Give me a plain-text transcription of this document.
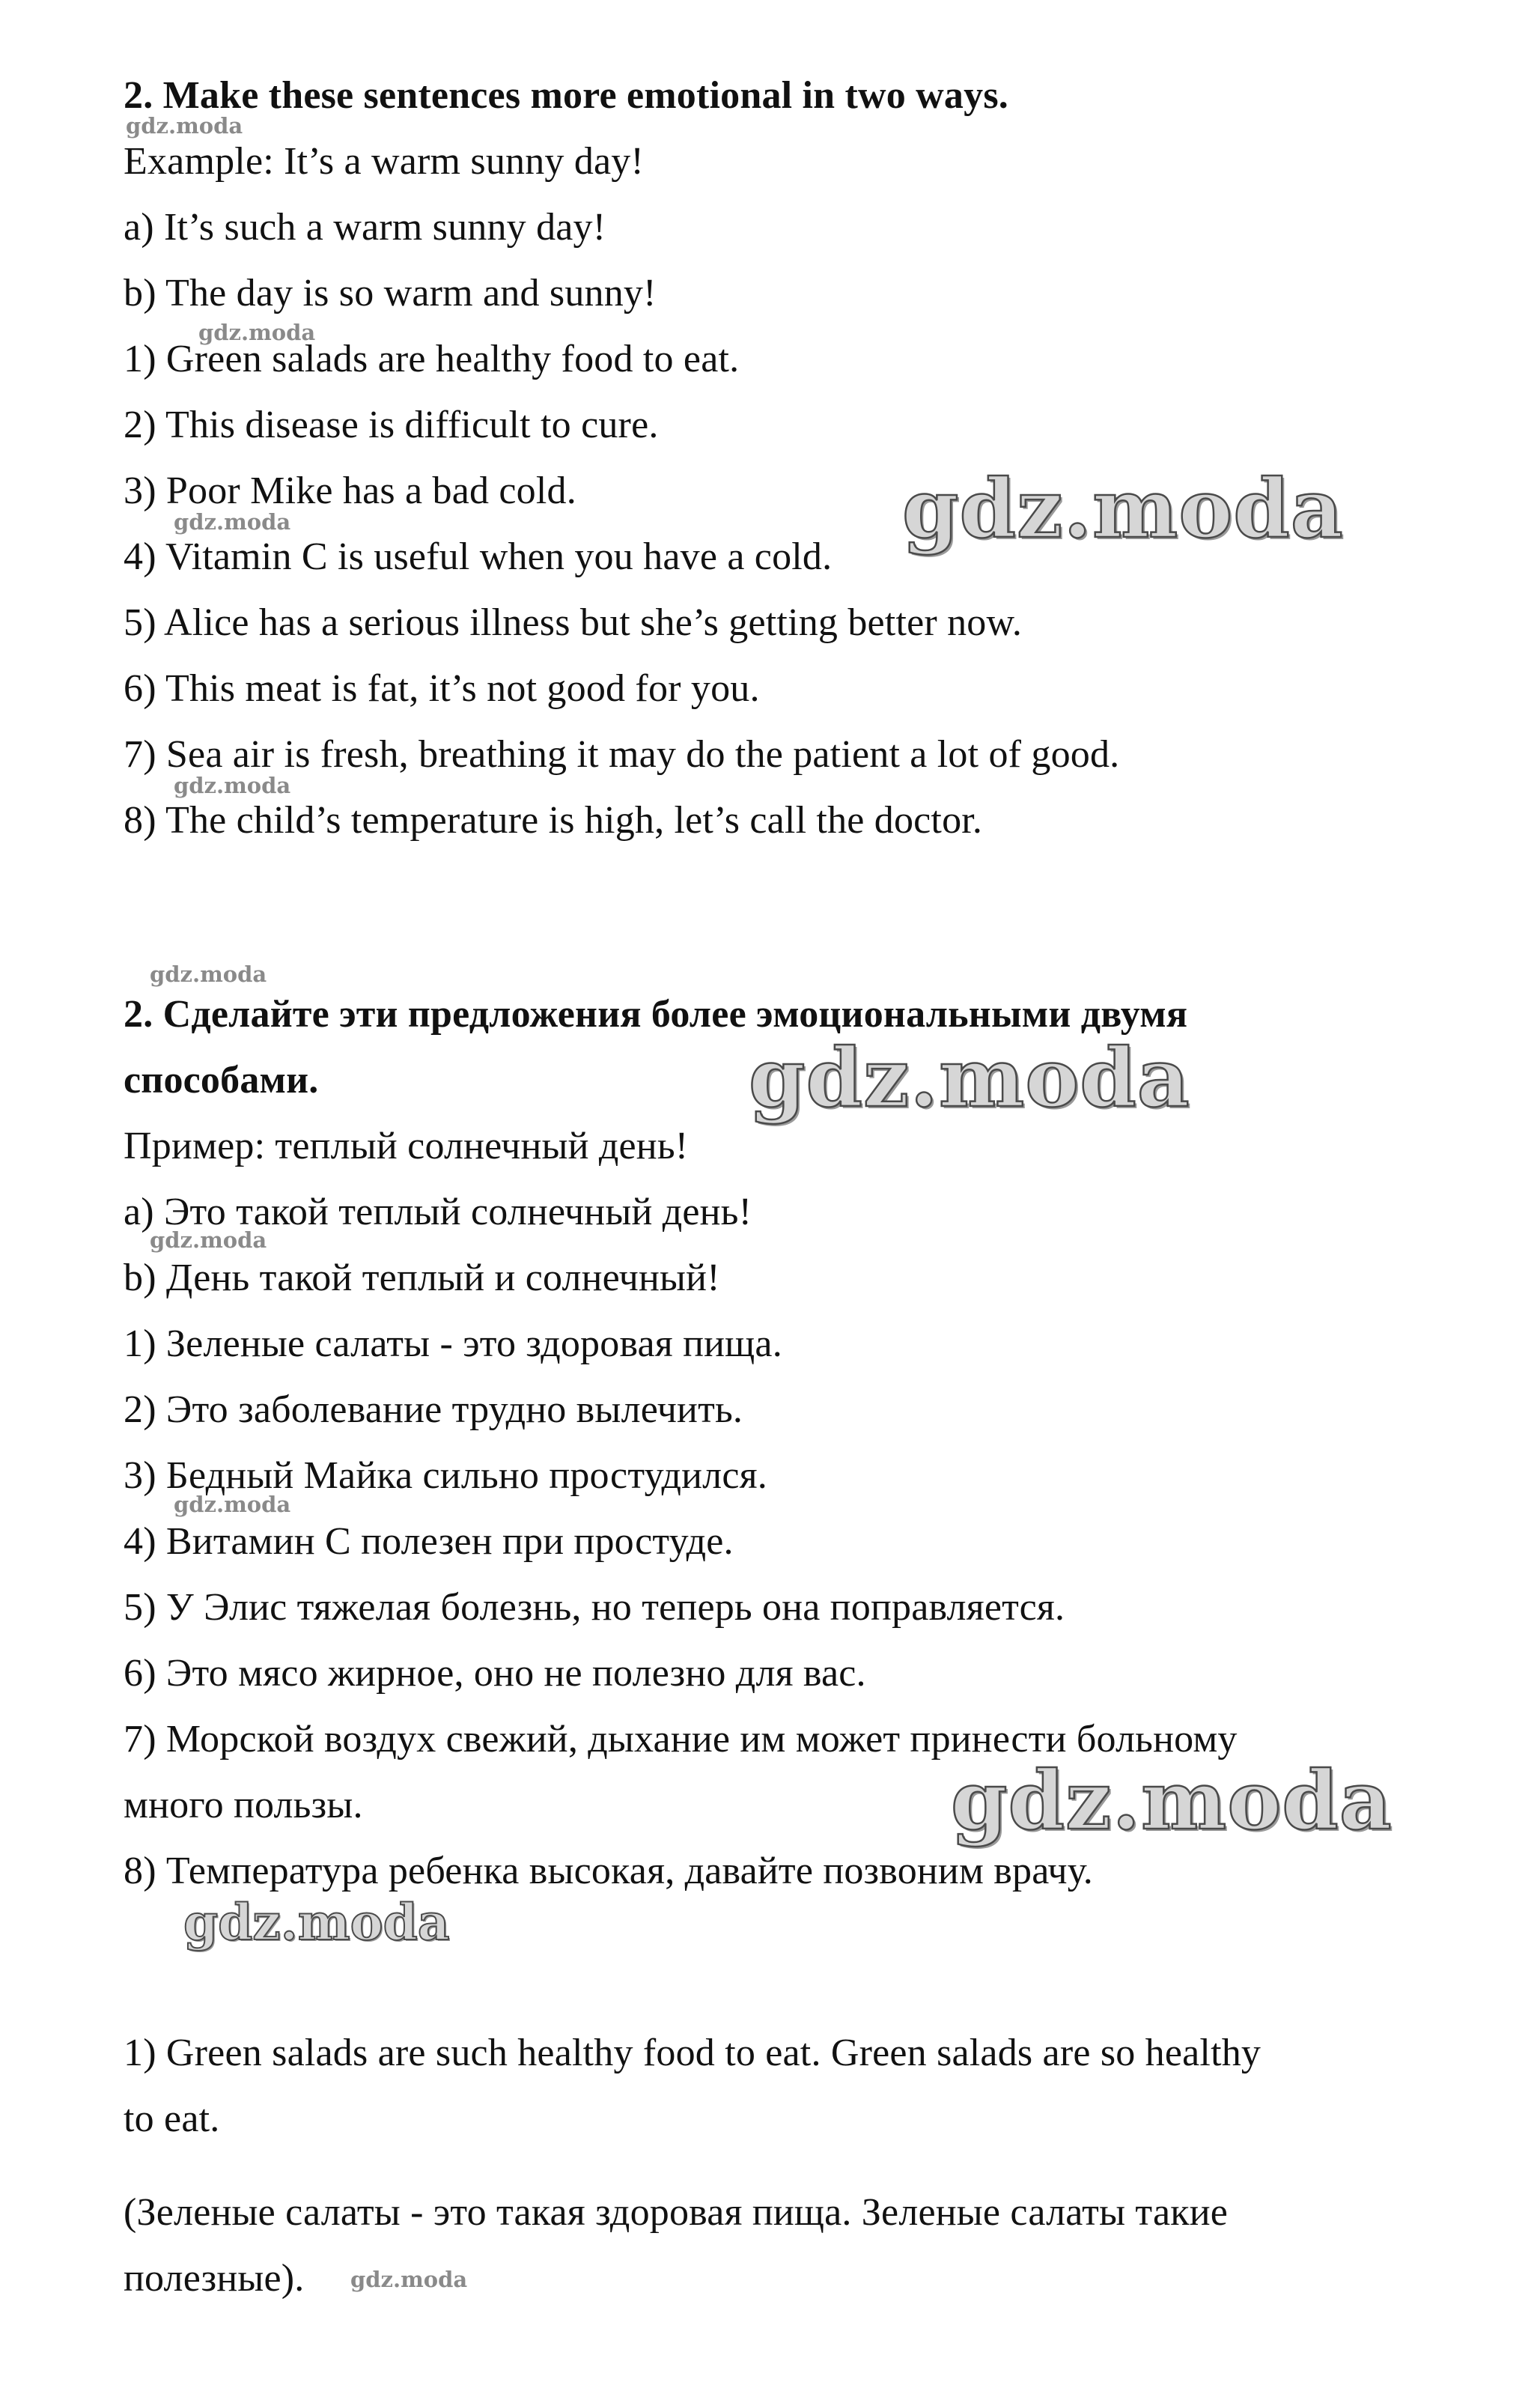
2. Make these sentences more emotional in two ways.
Example: It’s a warm sunny day!
a) It’s such a warm sunny day!
b) The day is so warm and sunny!
1) Green salads are healthy food to eat.
2) This disease is difficult to cure.
3) Poor Mike has a bad cold.
4) Vitamin C is useful when you have a cold.
5) Alice has a serious illness but she’s getting better now.
6) This meat is fat, it’s not good for you.
7) Sea air is fresh, breathing it may do the patient a lot of good.
8) The child’s temperature is high, let’s call the doctor.
2. Сделайте эти предложения более эмоциональными двумя
способами.
Пример: теплый солнечный день!
a) Это такой теплый солнечный день!
b) День такой теплый и солнечный!
1) Зеленые салаты - это здоровая пища.
2) Это заболевание трудно вылечить.
3) Бедный Майка сильно простудился.
4) Витамин С полезен при простуде.
5) У Элис тяжелая болезнь, но теперь она поправляется.
6) Это мясо жирное, оно не полезно для вас.
7) Морской воздух свежий, дыхание им может принести больному
много пользы.
8) Температура ребенка высокая, давайте позвоним врачу.
1) Green salads are such healthy food to eat. Green salads are so healthy
to eat.
(Зеленые салаты - это такая здоровая пища. Зеленые салаты такие
полезные).
gdz.moda
gdz.moda
gdz.moda
gdz.moda
gdz.moda
gdz.moda
gdz.moda
gdz.moda
gdz.moda
gdz.moda
gdz.moda
gdz.moda
